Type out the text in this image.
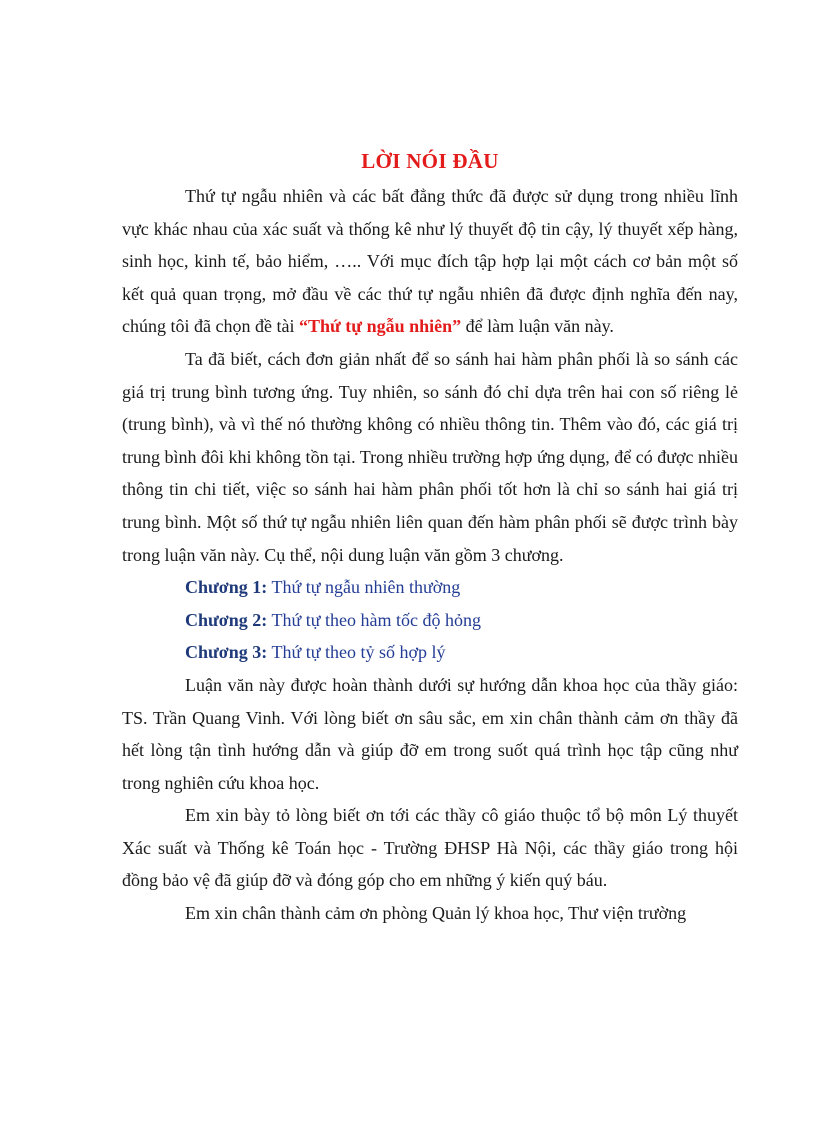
LỜI NÓI ĐẦU

Thứ tự ngẫu nhiên và các bất đẳng thức đã được sử dụng trong nhiều lĩnh vực khác nhau của xác suất và thống kê như lý thuyết độ tin cậy, lý thuyết xếp hàng, sinh học, kinh tế, bảo hiểm, ….. Với mục đích tập hợp lại một cách cơ bản một số kết quả quan trọng, mở đầu về các thứ tự ngẫu nhiên đã được định nghĩa đến nay, chúng tôi đã chọn đề tài “Thứ tự ngẫu nhiên” để làm luận văn này.

Ta đã biết, cách đơn giản nhất để so sánh hai hàm phân phối là so sánh các giá trị trung bình tương ứng. Tuy nhiên, so sánh đó chỉ dựa trên hai con số riêng lẻ (trung bình), và vì thế nó thường không có nhiều thông tin. Thêm vào đó, các giá trị trung bình đôi khi không tồn tại. Trong nhiều trường hợp ứng dụng, để có được nhiều thông tin chi tiết, việc so sánh hai hàm phân phối tốt hơn là chỉ so sánh hai giá trị trung bình. Một số thứ tự ngẫu nhiên liên quan đến hàm phân phối sẽ được trình bày trong luận văn này. Cụ thể, nội dung luận văn gồm 3 chương.

Chương 1: Thứ tự ngẫu nhiên thường

Chương 2: Thứ tự theo hàm tốc độ hỏng

Chương 3: Thứ tự theo tỷ số hợp lý

Luận văn này được hoàn thành dưới sự hướng dẫn khoa học của thầy giáo: TS. Trần Quang Vinh. Với lòng biết ơn sâu sắc, em xin chân thành cảm ơn thầy đã hết lòng tận tình hướng dẫn và giúp đỡ em trong suốt quá trình học tập cũng như trong nghiên cứu khoa học.

Em xin bày tỏ lòng biết ơn tới các thầy cô giáo thuộc tổ bộ môn Lý thuyết Xác suất và Thống kê Toán học - Trường ĐHSP Hà Nội, các thầy giáo trong hội đồng bảo vệ đã giúp đỡ và đóng góp cho em những ý kiến quý báu.

Em xin chân thành cảm ơn phòng Quản lý khoa học, Thư viện trường
